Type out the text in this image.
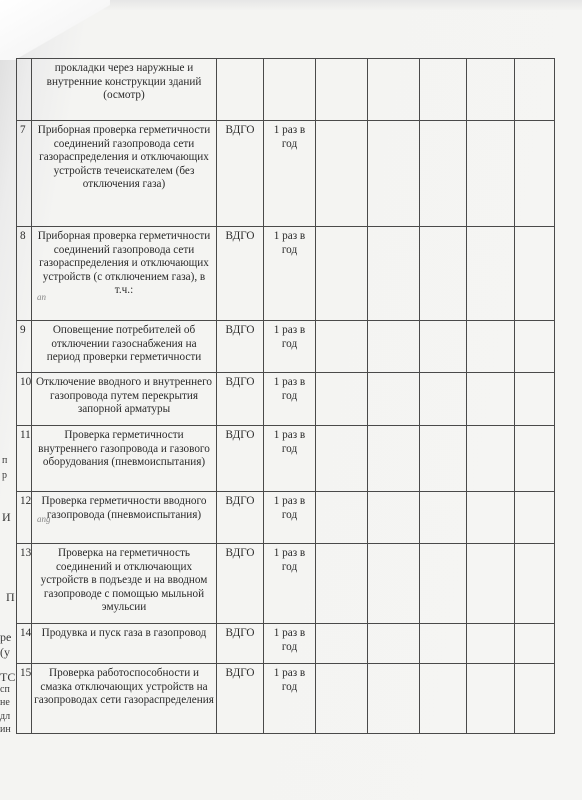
П
ре
(у
ТС
сп
не
дл
ин
И
р
п
	прокладки через наружные и внутренние конструкции зданий (осмотр)							
7	Приборная проверка герметичности соединений газопровода сети газораспределения и отключающих устройств течеискателем (без отключения газа)	ВДГО	1 раз в год					
8	Приборная проверка герметичности соединений газопровода сети газораспределения и отключающих устройств (с отключением газа), в т.ч.:	ВДГО	1 раз в год					
9	Оповещение потребителей об отключении газоснабжения на период проверки герметичности	ВДГО	1 раз в год					
10	Отключение вводного и внутреннего газопровода путем перекрытия запорной арматуры	ВДГО	1 раз в год					
11	Проверка герметичности внутреннего газопровода и газового оборудования (пневмоиспытания)	ВДГО	1 раз в год					
12	Проверка герметичности вводного газопровода (пневмоиспытания)	ВДГО	1 раз в год					
13	Проверка на герметичность соединений и отключающих устройств в подъезде и на вводном газопроводе с помощью мыльной эмульсии	ВДГО	1 раз в год					
14	Продувка и пуск газа в газопровод	ВДГО	1 раз в год					
15	Проверка работоспособности и смазка отключающих устройств на газопроводах сети газораспределения	ВДГО	1 раз в год					
an
ang
